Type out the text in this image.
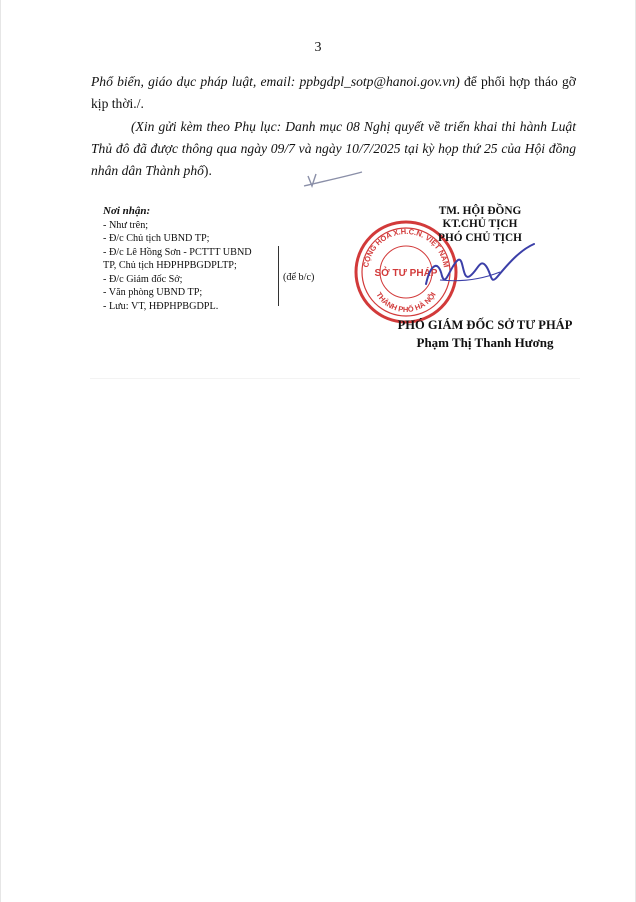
3
Phổ biến, giáo dục pháp luật, email: ppbgdpl_sotp@hanoi.gov.vn) để phối hợp tháo gỡ kịp thời./.
(Xin gửi kèm theo Phụ lục: Danh mục 08 Nghị quyết về triển khai thi hành Luật Thủ đô đã được thông qua ngày 09/7 và ngày 10/7/2025 tại kỳ họp thứ 25 của Hội đồng nhân dân Thành phố).
Nơi nhận:
- Như trên;
- Đ/c Chủ tịch UBND TP;
- Đ/c Lê Hồng Sơn - PCTTT UBND
TP, Chủ tịch HĐPHPBGDPLTP;
- Đ/c Giám đốc Sở;
- Văn phòng UBND TP;
- Lưu: VT, HĐPHPBGDPL.
(để b/c)
CỘNG HÒA X.H.C.N. VIỆT NAM
THÀNH PHỐ HÀ NỘI
SỞ TƯ PHÁP
TM. HỘI ĐỒNG
KT.CHỦ TỊCH
PHÓ CHỦ TỊCH
PHÓ GIÁM ĐỐC SỞ TƯ PHÁP
Phạm Thị Thanh Hương
